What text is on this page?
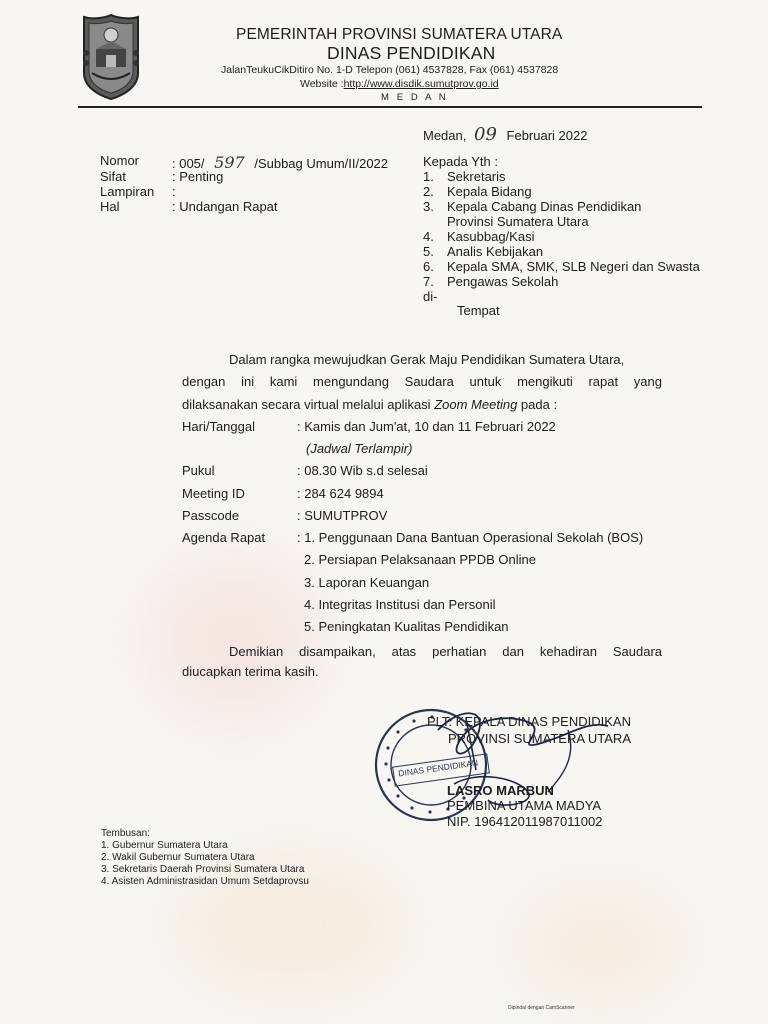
PEMERINTAH PROVINSI SUMATERA UTARA
DINAS PENDIDIKAN
JalanTeukuCikDitiro No. 1-D Telepon (061) 4537828, Fax (061) 4537828
Website :http://www.disdik.sumutprov.go.id
M E D A N
Medan, 09 Februari 2022
Nomor	: 005/ 597 /Subbag Umum/II/2022
Sifat	: Penting
Lampiran :
Hal	: Undangan Rapat
Kepada Yth :
1. Sekretaris
2. Kepala Bidang
3. Kepala Cabang Dinas Pendidikan
Provinsi Sumatera Utara
4. Kasubbag/Kasi
5. Analis Kebijakan
6. Kepala SMA, SMK, SLB Negeri dan Swasta
7. Pengawas Sekolah
di-
Tempat
Dalam rangka mewujudkan Gerak Maju Pendidikan Sumatera Utara,
dengan ini kami mengundang Saudara untuk mengikuti rapat yang
dilaksanakan secara virtual melalui aplikasi Zoom Meeting pada :
Hari/Tanggal	: Kamis dan Jum'at, 10 dan 11 Februari 2022
(Jadwal Terlampir)
Pukul	: 08.30 Wib s.d selesai
Meeting ID	: 284 624 9894
Passcode	: SUMUTPROV
Agenda Rapat : 1. Penggunaan Dana Bantuan Operasional Sekolah (BOS)
2. Persiapan Pelaksanaan PPDB Online
3. Laporan Keuangan
4. Integritas Institusi dan Personil
5. Peningkatan Kualitas Pendidikan
Demikian disampaikan, atas perhatian dan kehadiran Saudara
diucapkan terima kasih.
DINAS PENDIDIKAN
PLT. KEPALA DINAS PENDIDIKAN
PROVINSI SUMATERA UTARA
LASRO MARBUN
PEMBINA UTAMA MADYA
NIP. 196412011987011002
Tembusan:
1. Gubernur Sumatera Utara
2. Wakil Gubernur Sumatera Utara
3. Sekretaris Daerah Provinsi Sumatera Utara
4. Asisten Administrasidan Umum Setdaprovsu
Dipindai dengan CamScanner
